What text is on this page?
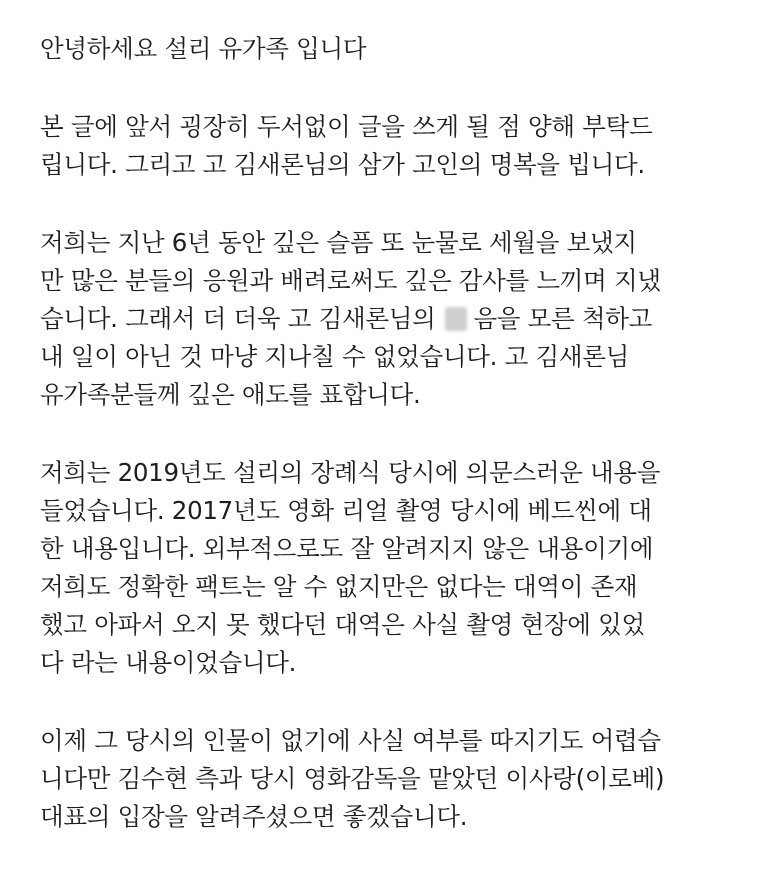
안녕하세요 설리 유가족 입니다
본 글에 앞서 굉장히 두서없이 글을 쓰게 될 점 양해 부탁드
립니다. 그리고 고 김새론님의 삼가 고인의 명복을 빕니다.
저희는 지난 6년 동안 깊은 슬픔 또 눈물로 세월을 보냈지
만 많은 분들의 응원과 배려로써도 깊은 감사를 느끼며 지냈
습니다. 그래서 더 더욱 고 김새론님의 음을 모른 척하고
내 일이 아닌 것 마냥 지나칠 수 없었습니다. 고 김새론님
유가족분들께 깊은 애도를 표합니다.
저희는 2019년도 설리의 장례식 당시에 의문스러운 내용을
들었습니다. 2017년도 영화 리얼 촬영 당시에 베드씬에 대
한 내용입니다. 외부적으로도 잘 알려지지 않은 내용이기에
저희도 정확한 팩트는 알 수 없지만은 없다는 대역이 존재
했고 아파서 오지 못 했다던 대역은 사실 촬영 현장에 있었
다 라는 내용이었습니다.
이제 그 당시의 인물이 없기에 사실 여부를 따지기도 어렵습
니다만 김수현 측과 당시 영화감독을 맡았던 이사랑(이로베)
대표의 입장을 알려주셨으면 좋겠습니다.
